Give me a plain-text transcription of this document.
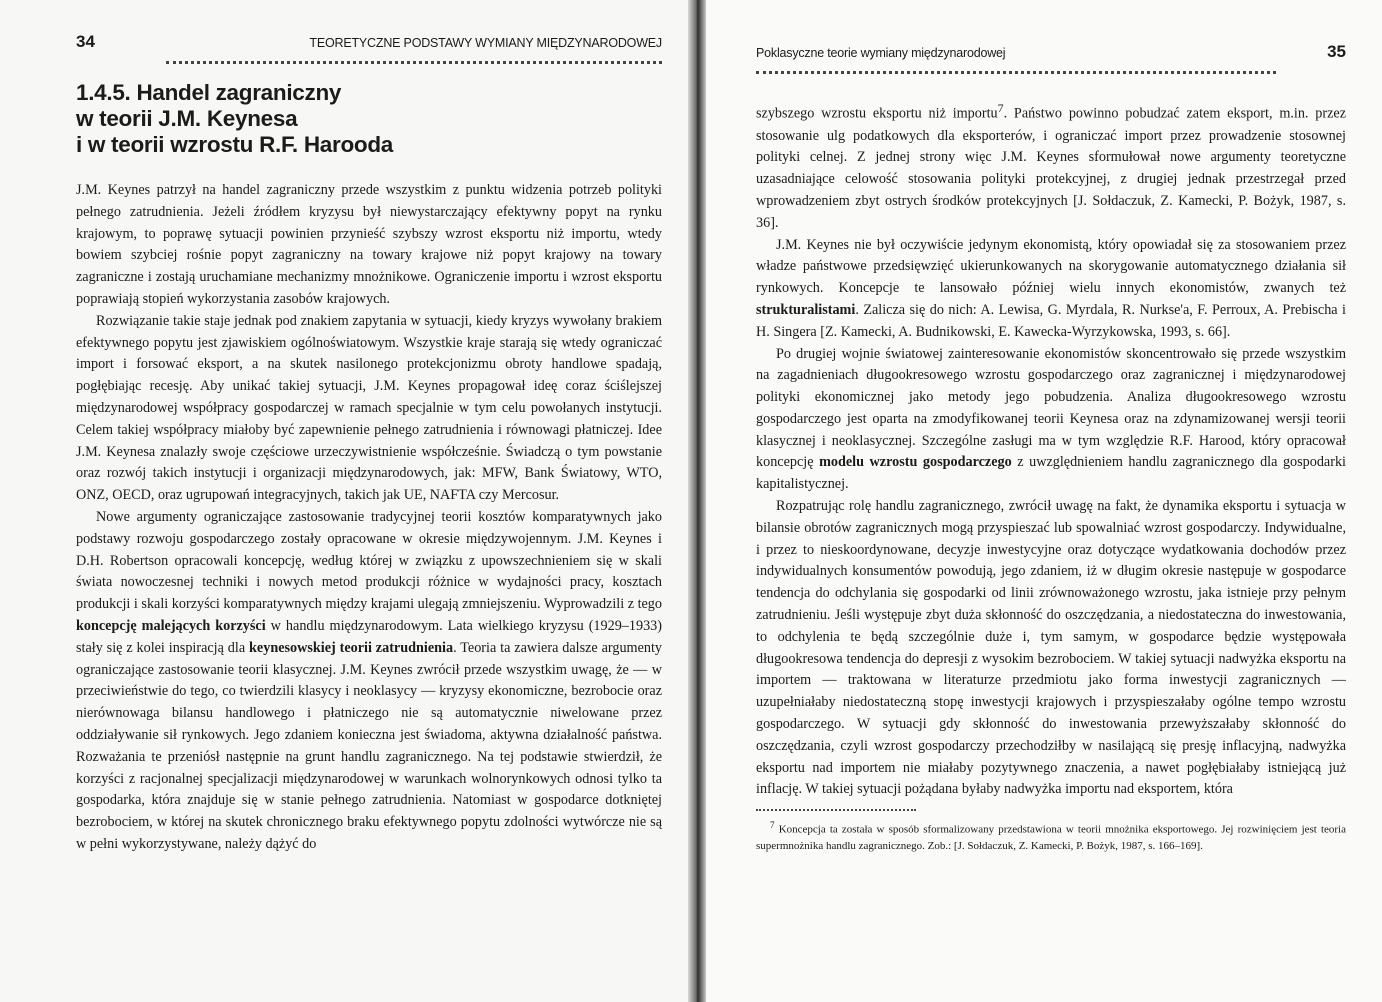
34	TEORETYCZNE PODSTAWY WYMIANY MIĘDZYNARODOWEJ
1.4.5. Handel zagraniczny
w teorii J.M. Keynesa
i w teorii wzrostu R.F. Harooda

J.M. Keynes patrzył na handel zagraniczny przede wszystkim z punktu widzenia potrzeb polityki pełnego zatrudnienia. Jeżeli źródłem kryzysu był niewystarczający efektywny popyt na rynku krajowym, to poprawę sytuacji powinien przynieść szybszy wzrost eksportu niż importu, wtedy bowiem szybciej rośnie popyt zagraniczny na towary krajowe niż popyt krajowy na towary zagraniczne i zostają uruchamiane mechanizmy mnożnikowe. Ograniczenie importu i wzrost eksportu poprawiają stopień wykorzystania zasobów krajowych.

Rozwiązanie takie staje jednak pod znakiem zapytania w sytuacji, kiedy kryzys wywołany brakiem efektywnego popytu jest zjawiskiem ogólnoświatowym. Wszystkie kraje starają się wtedy ograniczać import i forsować eksport, a na skutek nasilonego protekcjonizmu obroty handlowe spadają, pogłębiając recesję. Aby unikać takiej sytuacji, J.M. Keynes propagował ideę coraz ściślejszej międzynarodowej współpracy gospodarczej w ramach specjalnie w tym celu powołanych instytucji. Celem takiej współpracy miałoby być zapewnienie pełnego zatrudnienia i równowagi płatniczej. Idee J.M. Keynesa znalazły swoje częściowe urzeczywistnienie współcześnie. Świadczą o tym powstanie oraz rozwój takich instytucji i organizacji międzynarodowych, jak: MFW, Bank Światowy, WTO, ONZ, OECD, oraz ugrupowań integracyjnych, takich jak UE, NAFTA czy Mercosur.

Nowe argumenty ograniczające zastosowanie tradycyjnej teorii kosztów komparatywnych jako podstawy rozwoju gospodarczego zostały opracowane w okresie międzywojennym. J.M. Keynes i D.H. Robertson opracowali koncepcję, według której w związku z upowszechnieniem się w skali świata nowoczesnej techniki i nowych metod produkcji różnice w wydajności pracy, kosztach produkcji i skali korzyści komparatywnych między krajami ulegają zmniejszeniu. Wyprowadzili z tego koncepcję malejących korzyści w handlu międzynarodowym. Lata wielkiego kryzysu (1929–1933) stały się z kolei inspiracją dla keynesowskiej teorii zatrudnienia. Teoria ta zawiera dalsze argumenty ograniczające zastosowanie teorii klasycznej. J.M. Keynes zwrócił przede wszystkim uwagę, że — w przeciwieństwie do tego, co twierdzili klasycy i neoklasycy — kryzysy ekonomiczne, bezrobocie oraz nierównowaga bilansu handlowego i płatniczego nie są automatycznie niwelowane przez oddziaływanie sił rynkowych. Jego zdaniem konieczna jest świadoma, aktywna działalność państwa. Rozważania te przeniósł następnie na grunt handlu zagranicznego. Na tej podstawie stwierdził, że korzyści z racjonalnej specjalizacji międzynarodowej w warunkach wolnorynkowych odnosi tylko ta gospodarka, która znajduje się w stanie pełnego zatrudnienia. Natomiast w gospodarce dotkniętej bezrobociem, w której na skutek chronicznego braku efektywnego popytu zdolności wytwórcze nie są w pełni wykorzystywane, należy dążyć do

Poklasyczne teorie wymiany międzynarodowej	35

szybszego wzrostu eksportu niż importu$^7$. Państwo powinno pobudzać zatem eksport, m.in. przez stosowanie ulg podatkowych dla eksporterów, i ograniczać import przez prowadzenie stosownej polityki celnej. Z jednej strony więc J.M. Keynes sformułował nowe argumenty teoretyczne uzasadniające celowość stosowania polityki protekcyjnej, z drugiej jednak przestrzegał przed wprowadzeniem zbyt ostrych środków protekcyjnych [J. Sołdaczuk, Z. Kamecki, P. Bożyk, 1987, s. 36].

J.M. Keynes nie był oczywiście jedynym ekonomistą, który opowiadał się za stosowaniem przez władze państwowe przedsięwzięć ukierunkowanych na skorygowanie automatycznego działania sił rynkowych. Koncepcje te lansowało później wielu innych ekonomistów, zwanych też strukturalistami. Zalicza się do nich: A. Lewisa, G. Myrdala, R. Nurkse'a, F. Perroux, A. Prebischa i H. Singera [Z. Kamecki, A. Budnikowski, E. Kawecka-Wyrzykowska, 1993, s. 66].

Po drugiej wojnie światowej zainteresowanie ekonomistów skoncentrowało się przede wszystkim na zagadnieniach długookresowego wzrostu gospodarczego oraz zagranicznej i międzynarodowej polityki ekonomicznej jako metody jego pobudzenia. Analiza długookresowego wzrostu gospodarczego jest oparta na zmodyfikowanej teorii Keynesa oraz na zdynamizowanej wersji teorii klasycznej i neoklasycznej. Szczególne zasługi ma w tym względzie R.F. Harood, który opracował koncepcję modelu wzrostu gospodarczego z uwzględnieniem handlu zagranicznego dla gospodarki kapitalistycznej.

Rozpatrując rolę handlu zagranicznego, zwrócił uwagę na fakt, że dynamika eksportu i sytuacja w bilansie obrotów zagranicznych mogą przyspieszać lub spowalniać wzrost gospodarczy. Indywidualne, i przez to nieskoordynowane, decyzje inwestycyjne oraz dotyczące wydatkowania dochodów przez indywidualnych konsumentów powodują, jego zdaniem, iż w długim okresie następuje w gospodarce tendencja do odchylania się gospodarki od linii zrównoważonego wzrostu, jaka istnieje przy pełnym zatrudnieniu. Jeśli występuje zbyt duża skłonność do oszczędzania, a niedostateczna do inwestowania, to odchylenia te będą szczególnie duże i, tym samym, w gospodarce będzie występowała długookresowa tendencja do depresji z wysokim bezrobociem. W takiej sytuacji nadwyżka eksportu na importem — traktowana w literaturze przedmiotu jako forma inwestycji zagranicznych — uzupełniałaby niedostateczną stopę inwestycji krajowych i przyspieszałaby ogólne tempo wzrostu gospodarczego. W sytuacji gdy skłonność do inwestowania przewyższałaby skłonność do oszczędzania, czyli wzrost gospodarczy przechodziłby w nasilającą się presję inflacyjną, nadwyżka eksportu nad importem nie miałaby pozytywnego znaczenia, a nawet pogłębiałaby istniejącą już inflację. W takiej sytuacji pożądana byłaby nadwyżka importu nad eksportem, która

$^7$ Koncepcja ta została w sposób sformalizowany przedstawiona w teorii mnożnika eksportowego. Jej rozwinięciem jest teoria supermnożnika handlu zagranicznego. Zob.: [J. Sołdaczuk, Z. Kamecki, P. Bożyk, 1987, s. 166–169].
